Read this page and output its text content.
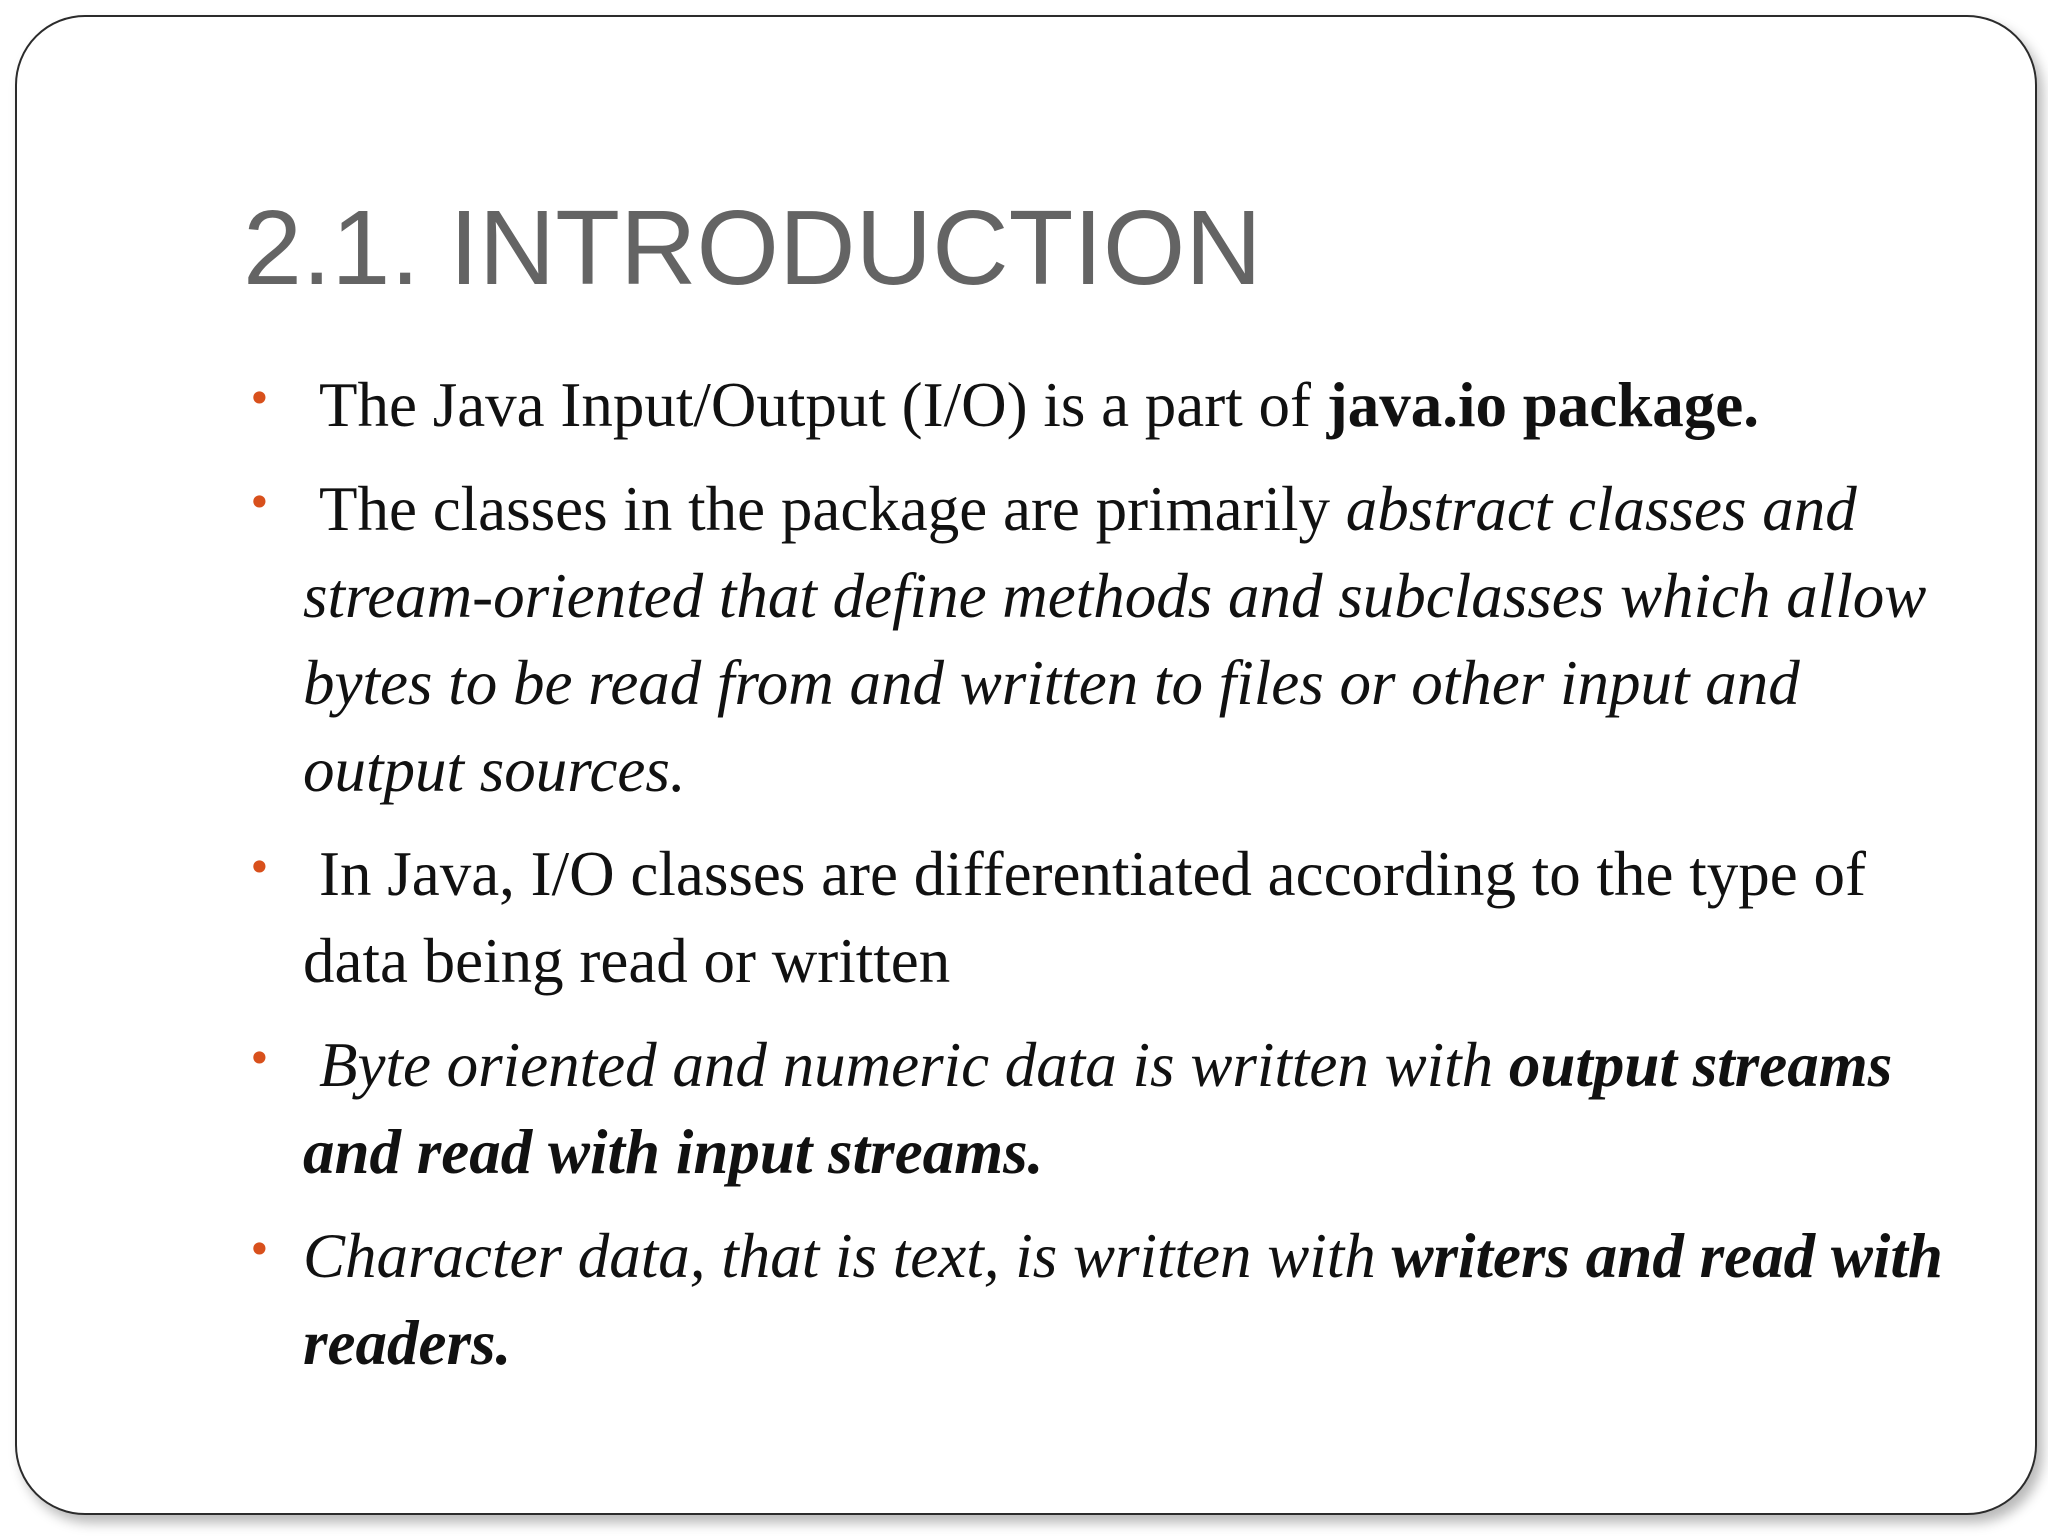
2.1. INTRODUCTION
• The Java Input/Output (I/O) is a part of java.io package.
• The classes in the package are primarily abstract classes and stream-oriented that define methods and subclasses which allow bytes to be read from and written to files or other input and output sources.
• In Java, I/O classes are differentiated according to the type of data being read or written
• Byte oriented and numeric data is written with output streams and read with input streams.
• Character data, that is text, is written with writers and read with readers.
